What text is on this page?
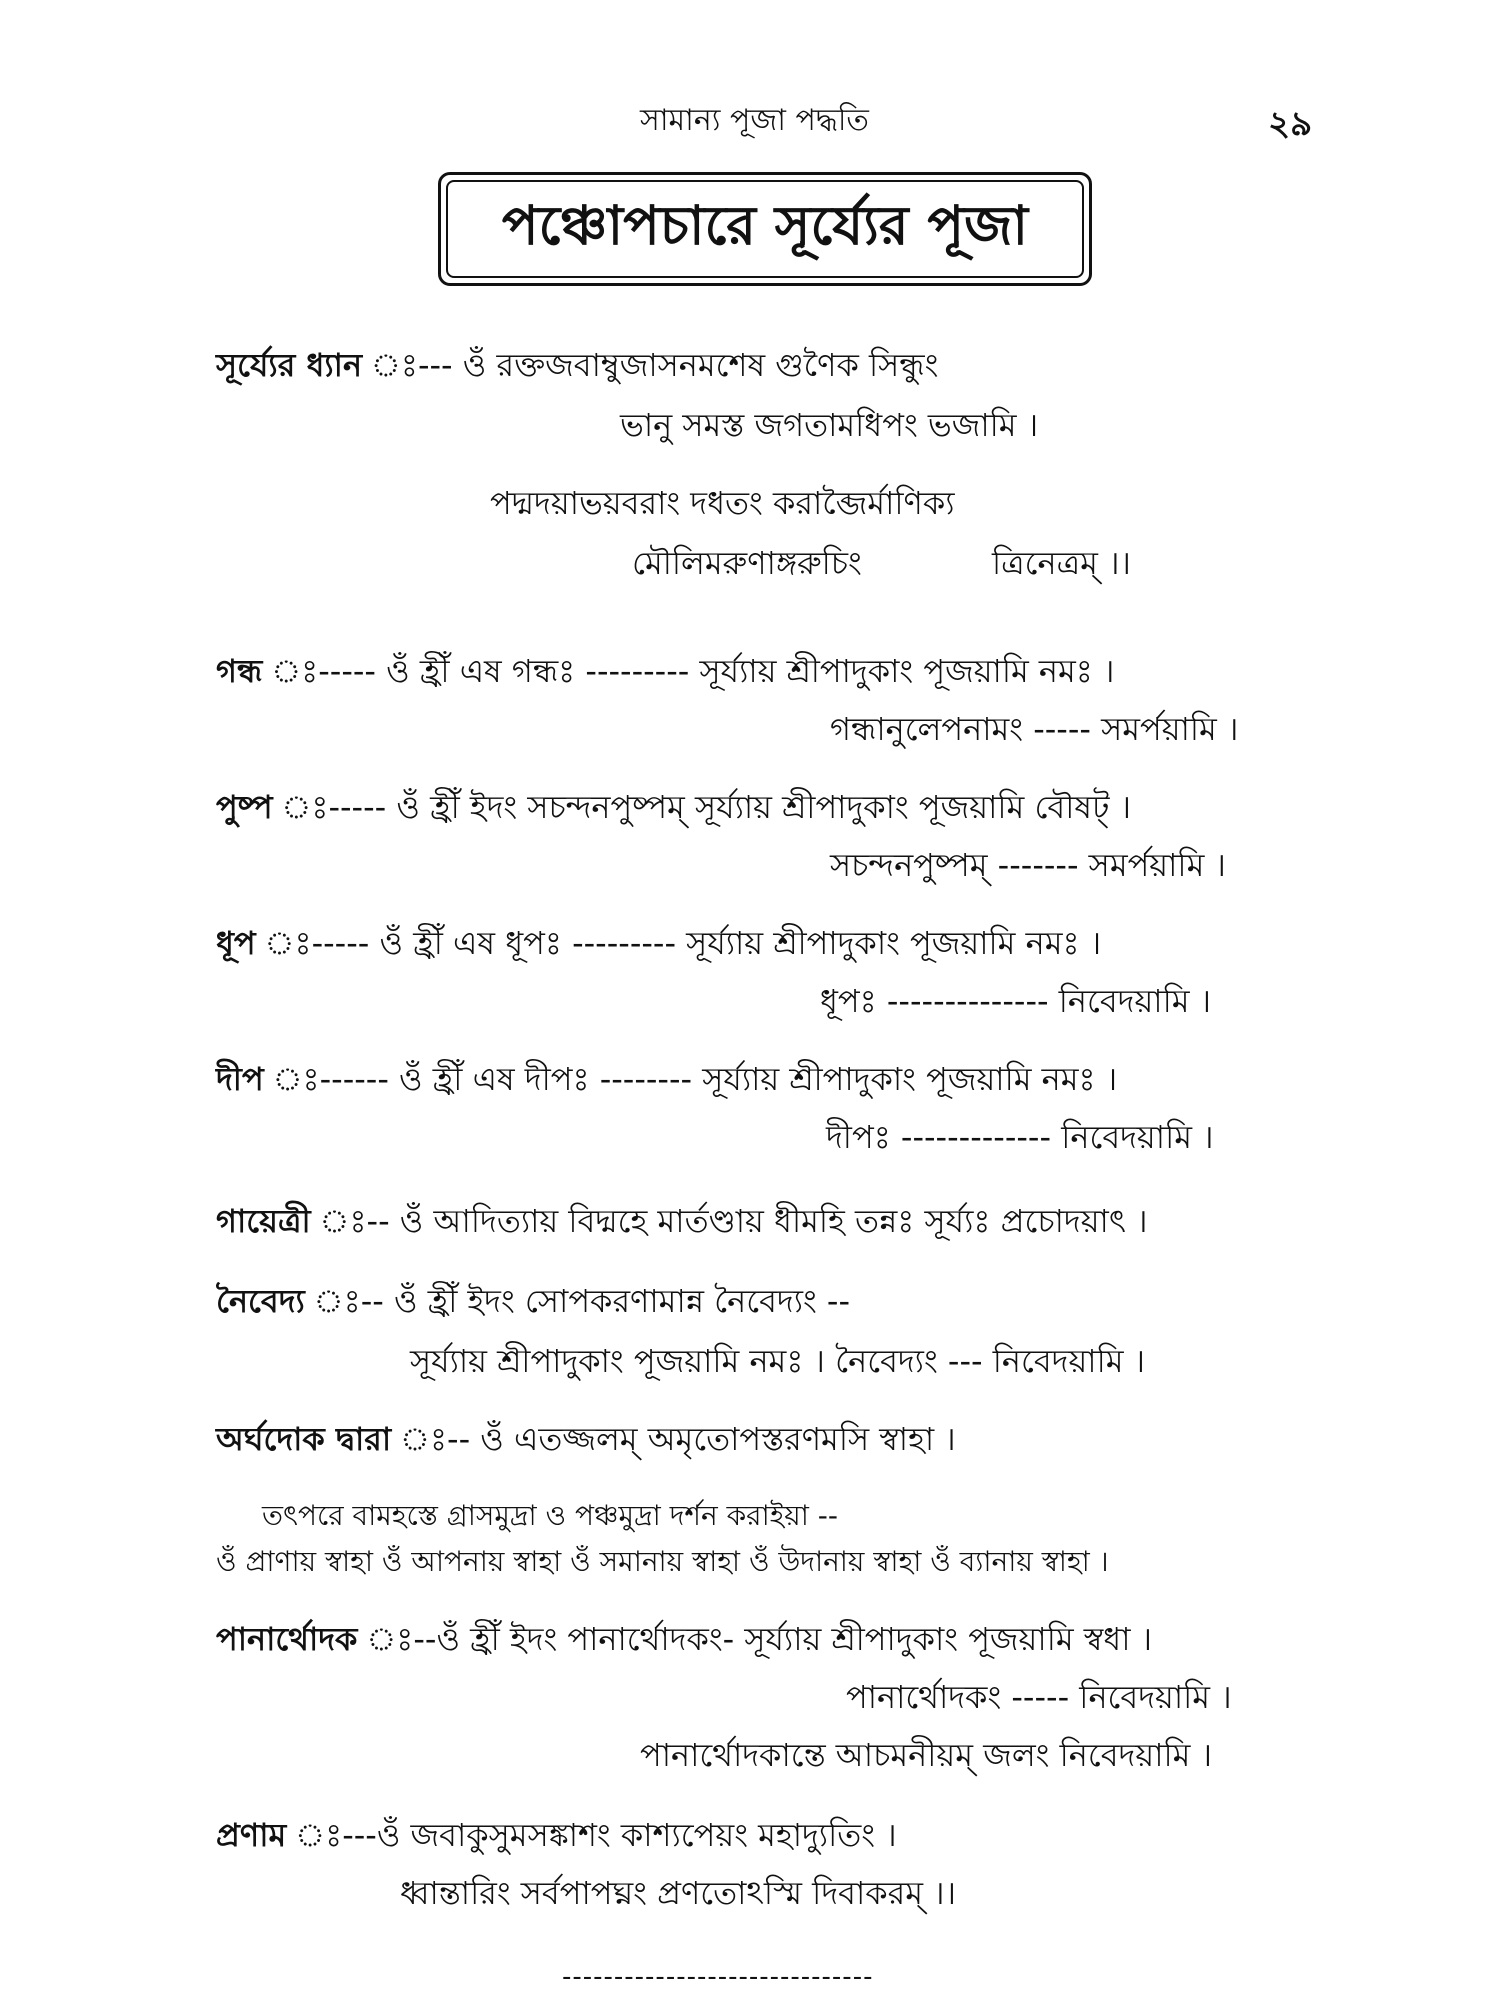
সামান্য পূজা পদ্ধতি	২৯
পঞ্চোপচারে সূর্য্যের পূজা
সূর্য্যের ধ্যান ঃ--- ওঁ রক্তজবাম্বুজাসনমশেষ গুণৈক সিন্ধুং
ভানু সমস্ত জগতামধিপং ভজামি ।
পদ্মদয়াভয়বরাং দধতং করাব্জৈর্মাণিক্য
মৌলিমরুণাঙ্গরুচিং	ত্রিনেত্রম্ ।।
গন্ধ ঃ----- ওঁ হ্রীঁ এষ গন্ধঃ --------- সূর্য্যায় শ্রীপাদুকাং পূজয়ামি নমঃ ।
গন্ধানুলেপনামং ----- সমর্পয়ামি ।
পুষ্প ঃ----- ওঁ হ্রীঁ ইদং সচন্দনপুষ্পম্ সূর্য্যায় শ্রীপাদুকাং পূজয়ামি বৌষট্ ।
সচন্দনপুষ্পম্ ------- সমর্পয়ামি ।
ধূপ ঃ----- ওঁ হ্রীঁ এষ ধূপঃ --------- সূর্য্যায় শ্রীপাদুকাং পূজয়ামি নমঃ ।
ধূপঃ -------------- নিবেদয়ামি ।
দীপ ঃ------ ওঁ হ্রীঁ এষ দীপঃ -------- সূর্য্যায় শ্রীপাদুকাং পূজয়ামি নমঃ ।
দীপঃ ------------- নিবেদয়ামি ।
গায়েত্রী ঃ-- ওঁ আদিত্যায় বিদ্মহে মার্তণ্ডায় ধীমহি তন্নঃ সূর্য্যঃ প্রচোদয়াৎ ।
নৈবেদ্য ঃ-- ওঁ হ্রীঁ ইদং সোপকরণামান্ন নৈবেদ্যং --
সূর্য্যায় শ্রীপাদুকাং পূজয়ামি নমঃ । নৈবেদ্যং --- নিবেদয়ামি ।
অর্ঘদোক দ্বারা ঃ-- ওঁ এতজ্জলম্ অমৃতোপস্তরণমসি স্বাহা ।
তৎপরে বামহস্তে গ্রাসমুদ্রা ও পঞ্চমুদ্রা দর্শন করাইয়া --
ওঁ প্রাণায় স্বাহা ওঁ আপনায় স্বাহা ওঁ সমানায় স্বাহা ওঁ উদানায় স্বাহা ওঁ ব্যানায় স্বাহা ।
পানার্থোদক ঃ--ওঁ হ্রীঁ ইদং পানার্থোদকং- সূর্য্যায় শ্রীপাদুকাং পূজয়ামি স্বধা ।
পানার্থোদকং ----- নিবেদয়ামি ।
পানার্থোদকান্তে আচমনীয়ম্ জলং নিবেদয়ামি ।
প্রণাম ঃ---ওঁ জবাকুসুমসঙ্কাশং কাশ্যপেয়ং মহাদ্যুতিং ।
ধ্বান্তারিং সর্বপাপঘ্নং প্রণতোঽস্মি দিবাকরম্ ।।
------------------------------
